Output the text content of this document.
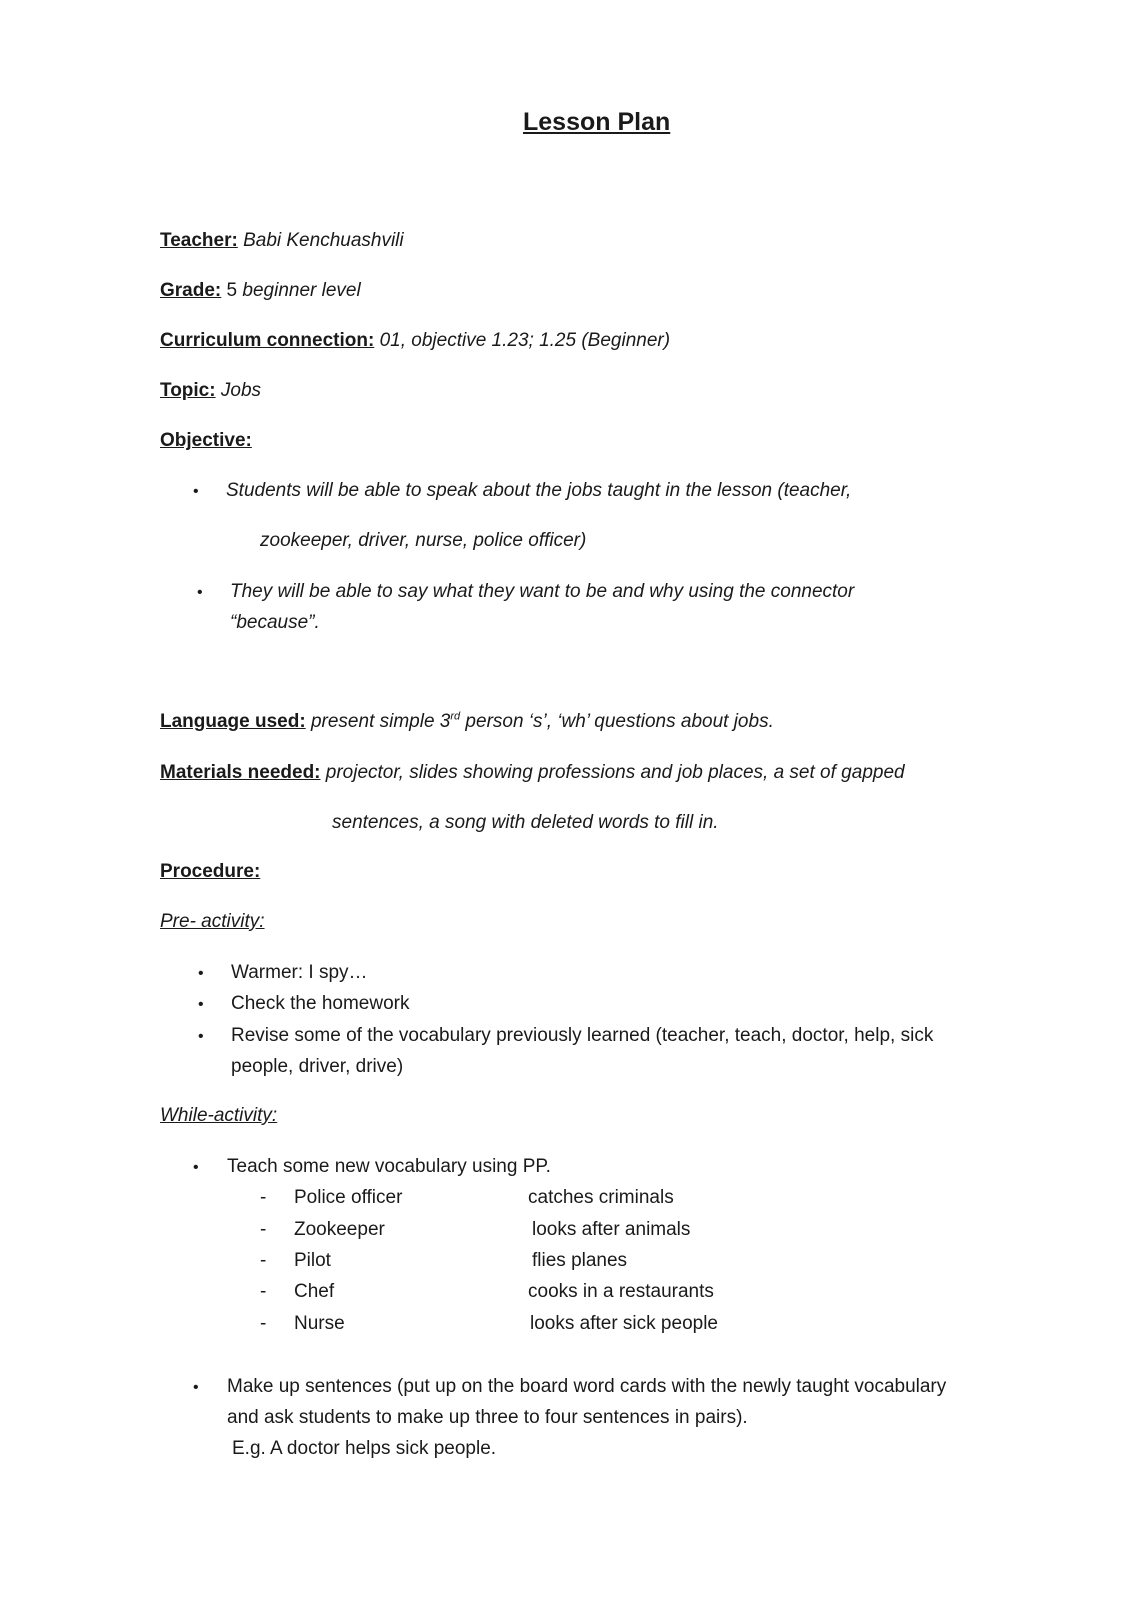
Lesson Plan
Teacher: Babi Kenchuashvili
Grade: 5 beginner level
Curriculum connection: 01, objective 1.23; 1.25 (Beginner)
Topic: Jobs
Objective:
• Students will be able to speak about the jobs taught in the lesson (teacher,
zookeeper, driver, nurse, police officer)
• They will be able to say what they want to be and why using the connector
“because”.
Language used: present simple 3rd person ‘s’, ‘wh’ questions about jobs.
Materials needed: projector, slides showing professions and job places, a set of gapped
sentences, a song with deleted words to fill in.
Procedure:
Pre- activity:
• Warmer: I spy…
• Check the homework
• Revise some of the vocabulary previously learned (teacher, teach, doctor, help, sick
people, driver, drive)
While-activity:
• Teach some new vocabulary using PP.
- Police officer	catches criminals
- Zookeeper	looks after animals
- Pilot	flies planes
- Chef	cooks in a restaurants
- Nurse	looks after sick people
• Make up sentences (put up on the board word cards with the newly taught vocabulary
and ask students to make up three to four sentences in pairs).
E.g. A doctor helps sick people.
